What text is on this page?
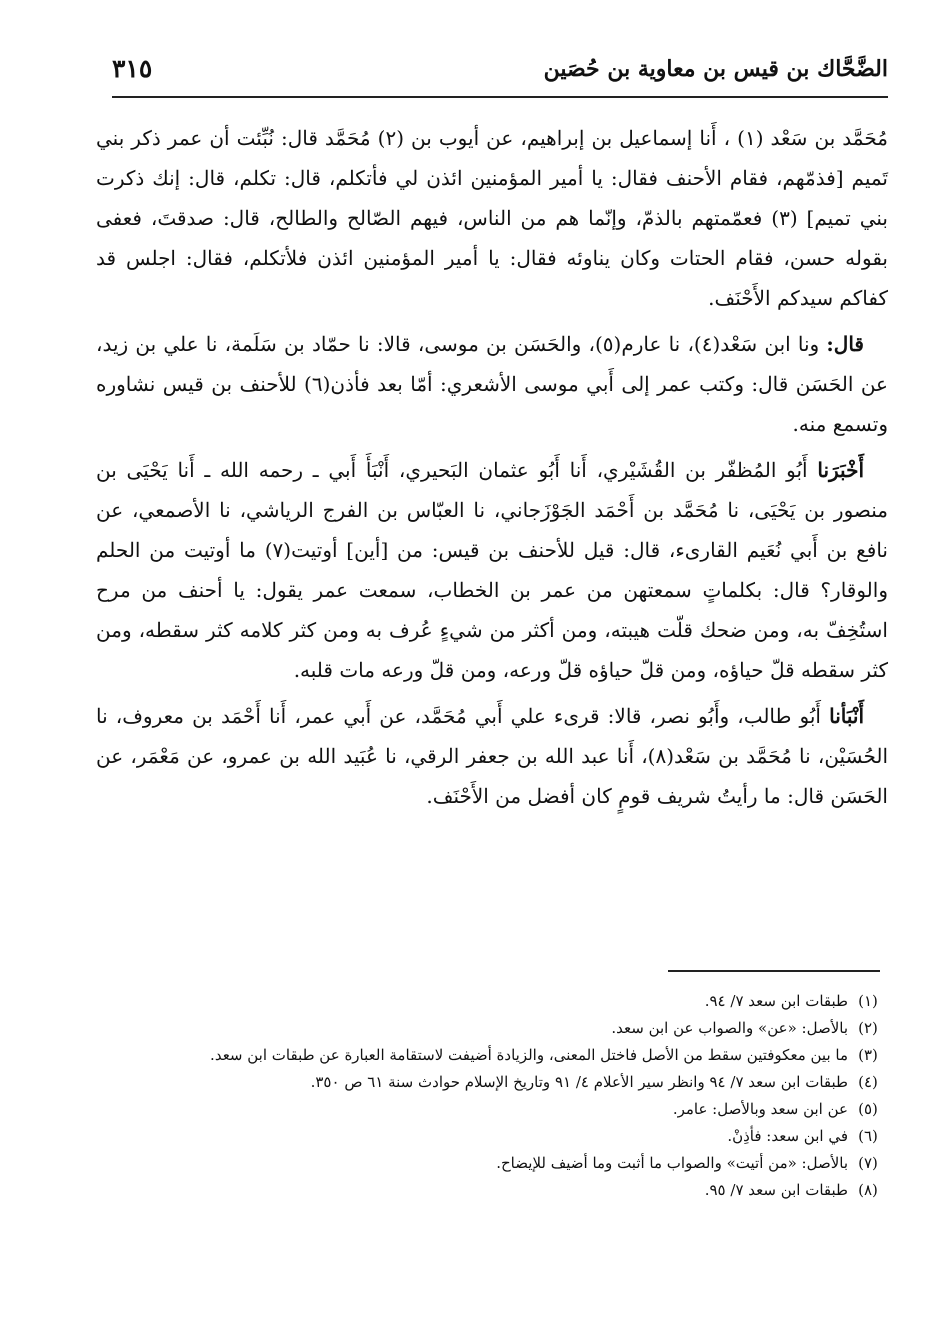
الضَّحَّاك بن قيس بن معاوية بن حُصَين
٣١٥

مُحَمَّد بن سَعْد (١) ، أَنا إسماعيل بن إبراهيم، عن أيوب بن (٢) مُحَمَّد قال: نُبِّئت أن عمر ذكر بني تَميم [فذمّهم، فقام الأحنف فقال: يا أمير المؤمنين ائذن لي فأتكلم، قال: تكلم، قال: إنك ذكرت بني تميم] (٣) فعمّمتهم بالذمّ، وإنّما هم من الناس، فيهم الصّالح والطالح، قال: صدقتَ، فعفى بقوله حسن، فقام الحتات وكان يناوئه فقال: يا أمير المؤمنين ائذن فلأتكلم، فقال: اجلس قد كفاكم سيدكم الأَحْنَف.

قال: ونا ابن سَعْد(٤)، نا عارم(٥)، والحَسَن بن موسى، قالا: نا حمّاد بن سَلَمة، نا علي بن زيد، عن الحَسَن قال: وكتب عمر إلى أَبي موسى الأشعري: أمّا بعد فأذن(٦) للأحنف بن قيس نشاوره وتسمع منه.

أَخْبَرَنا أَبُو المُظفّر بن القُشَيْري، أَنا أَبُو عثمان البَحيري، أَنْبَأَ أَبي ـ رحمه الله ـ أَنا يَحْيَى بن منصور بن يَحْيَى، نا مُحَمَّد بن أَحْمَد الجَوْزَجاني، نا العبّاس بن الفرج الرياشي، نا الأصمعي، عن نافع بن أَبي نُعَيم القارىء، قال: قيل للأحنف بن قيس: من [أين] أوتيت(٧) ما أوتيت من الحلم والوقار؟ قال: بكلماتٍ سمعتهن من عمر بن الخطاب، سمعت عمر يقول: يا أحنف من مرح استُخِفّ به، ومن ضحك قلّت هيبته، ومن أكثر من شيءٍ عُرف به ومن كثر كلامه كثر سقطه، ومن كثر سقطه قلّ حياؤه، ومن قلّ حياؤه قلّ ورعه، ومن قلّ ورعه مات قلبه.

أَنْبَأنا أَبُو طالب، وأَبُو نصر، قالا: قرىء علي أَبي مُحَمَّد، عن أَبي عمر، أَنا أَحْمَد بن معروف، نا الحُسَيْن، نا مُحَمَّد بن سَعْد(٨)، أَنا عبد الله بن جعفر الرقي، نا عُبَيد الله بن عمرو، عن مَعْمَر، عن الحَسَن قال: ما رأيتُ شريف قومٍ كان أفضل من الأَحْنَف.

(١)
طبقات ابن سعد ٧/ ٩٤.
(٢)
بالأصل: «عن» والصواب عن ابن سعد.
(٣)
ما بين معكوفتين سقط من الأصل فاختل المعنى، والزيادة أضيفت لاستقامة العبارة عن طبقات ابن سعد.
(٤)
طبقات ابن سعد ٧/ ٩٤ وانظر سير الأعلام ٤/ ٩١ وتاريخ الإسلام حوادث سنة ٦١ ص ٣٥٠.
(٥)
عن ابن سعد وبالأصل: عامر.
(٦)
في ابن سعد: فأذِنْ.
(٧)
بالأصل: «من أتيت» والصواب ما أثبت وما أضيف للإيضاح.
(٨)
طبقات ابن سعد ٧/ ٩٥.
